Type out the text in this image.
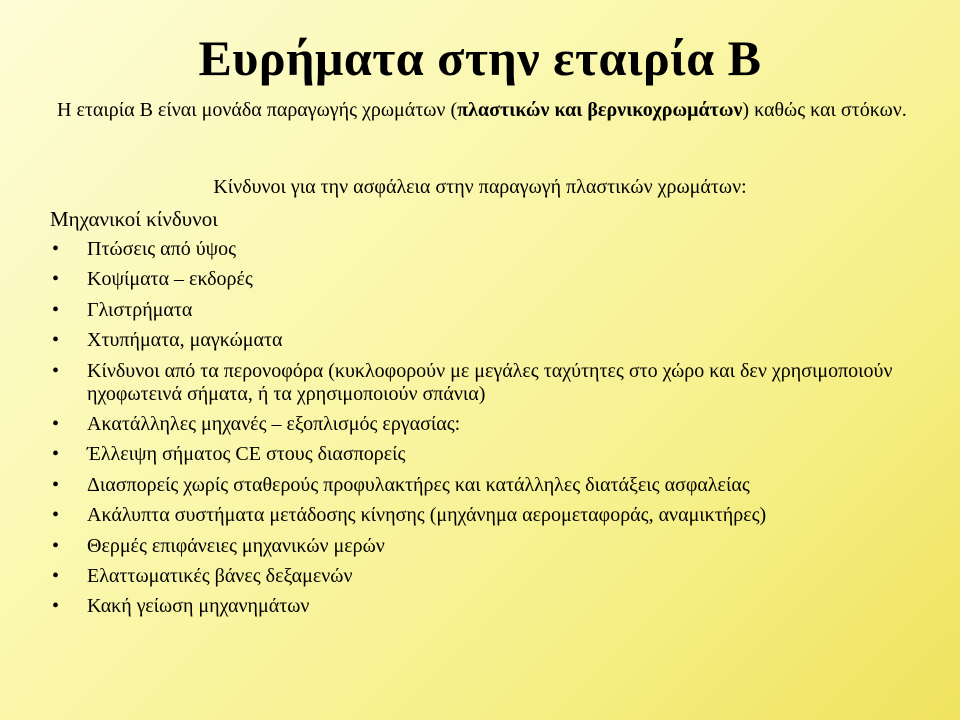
Ευρήματα στην εταιρία Β

Η εταιρία Β είναι μονάδα παραγωγής χρωμάτων (πλαστικών και βερνικοχρωμάτων) καθώς και στόκων.

Κίνδυνοι για την ασφάλεια στην παραγωγή πλαστικών χρωμάτων:
Μηχανικοί κίνδυνοι
•	Πτώσεις από ύψος
•	Κοψίματα – εκδορές
•	Γλιστρήματα
•	Χτυπήματα, μαγκώματα
•	Κίνδυνοι από τα περονοφόρα (κυκλοφορούν με μεγάλες ταχύτητες στο χώρο και δεν χρησιμοποιούν ηχοφωτεινά σήματα, ή τα χρησιμοποιούν σπάνια)
•	Ακατάλληλες μηχανές – εξοπλισμός εργασίας:
•	Έλλειψη σήματος CE στους διασπορείς
•	Διασπορείς χωρίς σταθερούς προφυλακτήρες και κατάλληλες διατάξεις ασφαλείας
•	Ακάλυπτα συστήματα μετάδοσης κίνησης (μηχάνημα αερομεταφοράς, αναμικτήρες)
•	Θερμές επιφάνειες μηχανικών μερών
•	Ελαττωματικές βάνες δεξαμενών
•	Κακή γείωση μηχανημάτων
